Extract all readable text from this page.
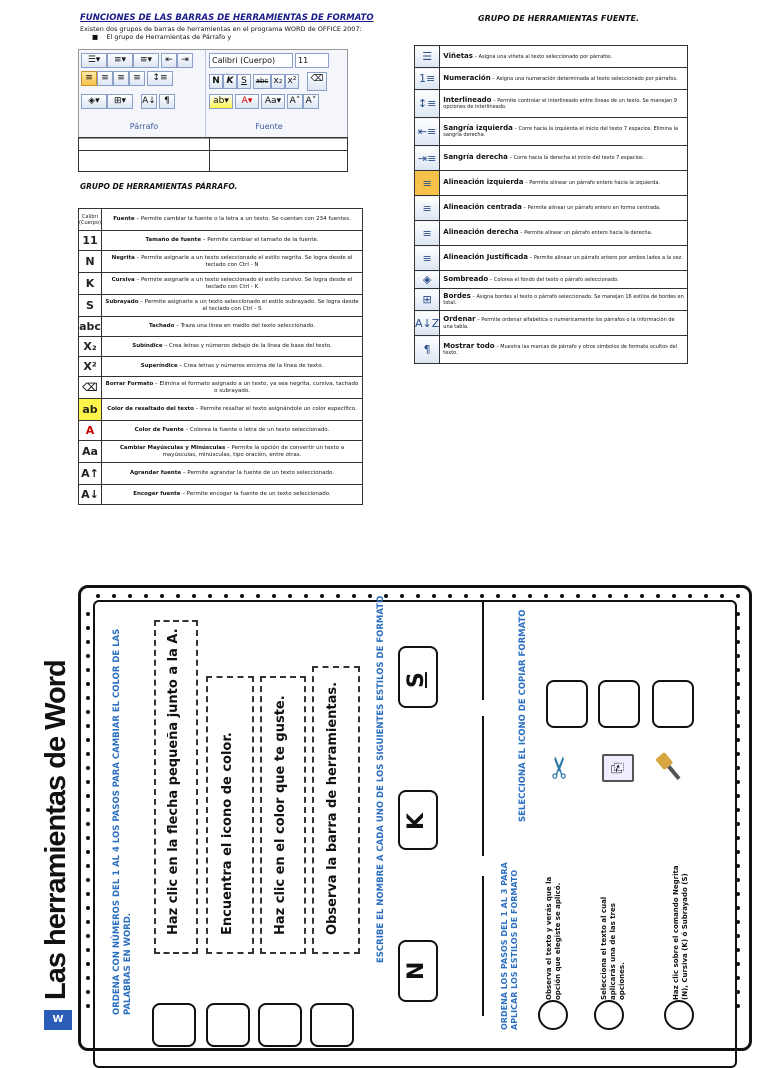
FUNCIONES DE LAS BARRAS DE HERRAMIENTAS DE FORMATO
Existen dos grupos de barras de herramientas en el programa WORD de OFFICE 2007:
■    El grupo de Herramientas de Párrafo y
GRUPO DE HERRAMIENTAS FUENTE.
☰▾	≡▾	≡▾	⇤ ⇥
≡ ≡ ≡ ≡	↕≡
◈▾	⊞▾	A↓ ¶
Párrafo
Calibri (Cuerpo)	11
N K S	abc x₂ x²	⌫
ab▾	A▾	Aa▾ A˄ A˅
Fuente

GRUPO DE HERRAMIENTAS PÁRRAFO.
Calibri (Cuerpo)	Fuente – Permite cambiar la fuente o la letra a un texto. Se cuentan con 234 fuentes.
11	Tamaño de fuente – Permite cambiar el tamaño de la fuente.
N	Negrita – Permite asignarle a un texto seleccionado el estilo negrita. Se logra desde el teclado con Ctrl - N
K	Cursiva – Permite asignarle a un texto seleccionado el estilo cursivo. Se logra desde el teclado con Ctrl - K
S	Subrayado – Permite asignarle a un texto seleccionado el estilo subrayado. Se logra desde el teclado con Ctrl - S
abc	Tachado – Traza una línea en medio del texto seleccionado.
X₂	Subíndice – Crea letras y números debajo de la línea de base del texto.
X²	Superíndice – Crea letras y números encima de la línea de texto.
⌫	Borrar Formato – Elimina el formato asignado a un texto, ya sea negrita, cursiva, tachado o subrayado.
ab	Color de resaltado del texto – Permite resaltar el texto asignándole un color específico.
A	Color de Fuente – Colorea la fuente o letra de un texto seleccionado.
Aa	Cambiar Mayúsculas y Minúsculas – Permite la opción de convertir un texto a mayúsculas, minúsculas, tipo oración, entre otras.
A↑	Agrandar fuente – Permite agrandar la fuente de un texto seleccionado.
A↓	Encoger fuente – Permite encoger la fuente de un texto seleccionado.
☰	Viñetas – Asigna una viñeta al texto seleccionado por párrafos.
1≡	Numeración – Asigna una numeración determinada al texto seleccionado por párrafos.
↕≡	Interlineado – Permite controlar el interlineado entre líneas de un texto. Se manejan 9 opciones de interlineado.
⇤≡	Sangría izquierda – Corre hacia la izquierda el inicio del texto 7 espacios. Elimina la sangría derecha.
⇥≡	Sangría derecha – Corre hacia la derecha el inicio del texto 7 espacios.
≡	Alineación izquierda – Permite alinear un párrafo entero hacia la izquierda.
≡	Alineación centrada – Permite alinear un párrafo entero en forma centrada.
≡	Alineación derecha – Permite alinear un párrafo entero hacia la derecha.
≡	Alineación Justificada – Permite alinear un párrafo entero por ambos lados a la vez.
◈	Sombreado – Colorea el fondo del texto o párrafo seleccionado.
⊞	Bordes – Asigna bordes al texto o párrafo seleccionado. Se manejan 16 estilos de bordes en total.
A↓Z	Ordenar – Permite ordenar alfabética o numéricamente los párrafos o la información de una tabla.
¶	Mostrar todo – Muestra las marcas de párrafo y otros símbolos de formato ocultos del texto.
Las herramientas de Word
W
ORDENA CON NÚMEROS DEL 1 AL 4 LOS PASOS PARA CAMBIAR EL COLOR DE LAS PALABRAS EN WORD.
Haz clic en la flecha pequeña junto a la A.	Encuentra el icono de color.	Haz clic en el color que te guste.	Observa la barra de herramientas.	ESCRIBE EL NOMBRE A CADA UNO DE LOS SIGUIENTES ESTILOS DE FORMATO
N
K
S
ORDENA LOS PASOS DEL 1 AL 3 PARA APLICAR LOS ESTILOS DE FORMATO	Observa el texto y verás que la opción que elegiste se aplicó.	Selecciona el texto al cual aplicarás una de las tres opciones.	Haz clic sobre el comando Negrita (N), Cursiva (K) ó Subrayado (S)
SELECCIONA EL ICONO DE COPIAR FORMATO ✂	⎘
